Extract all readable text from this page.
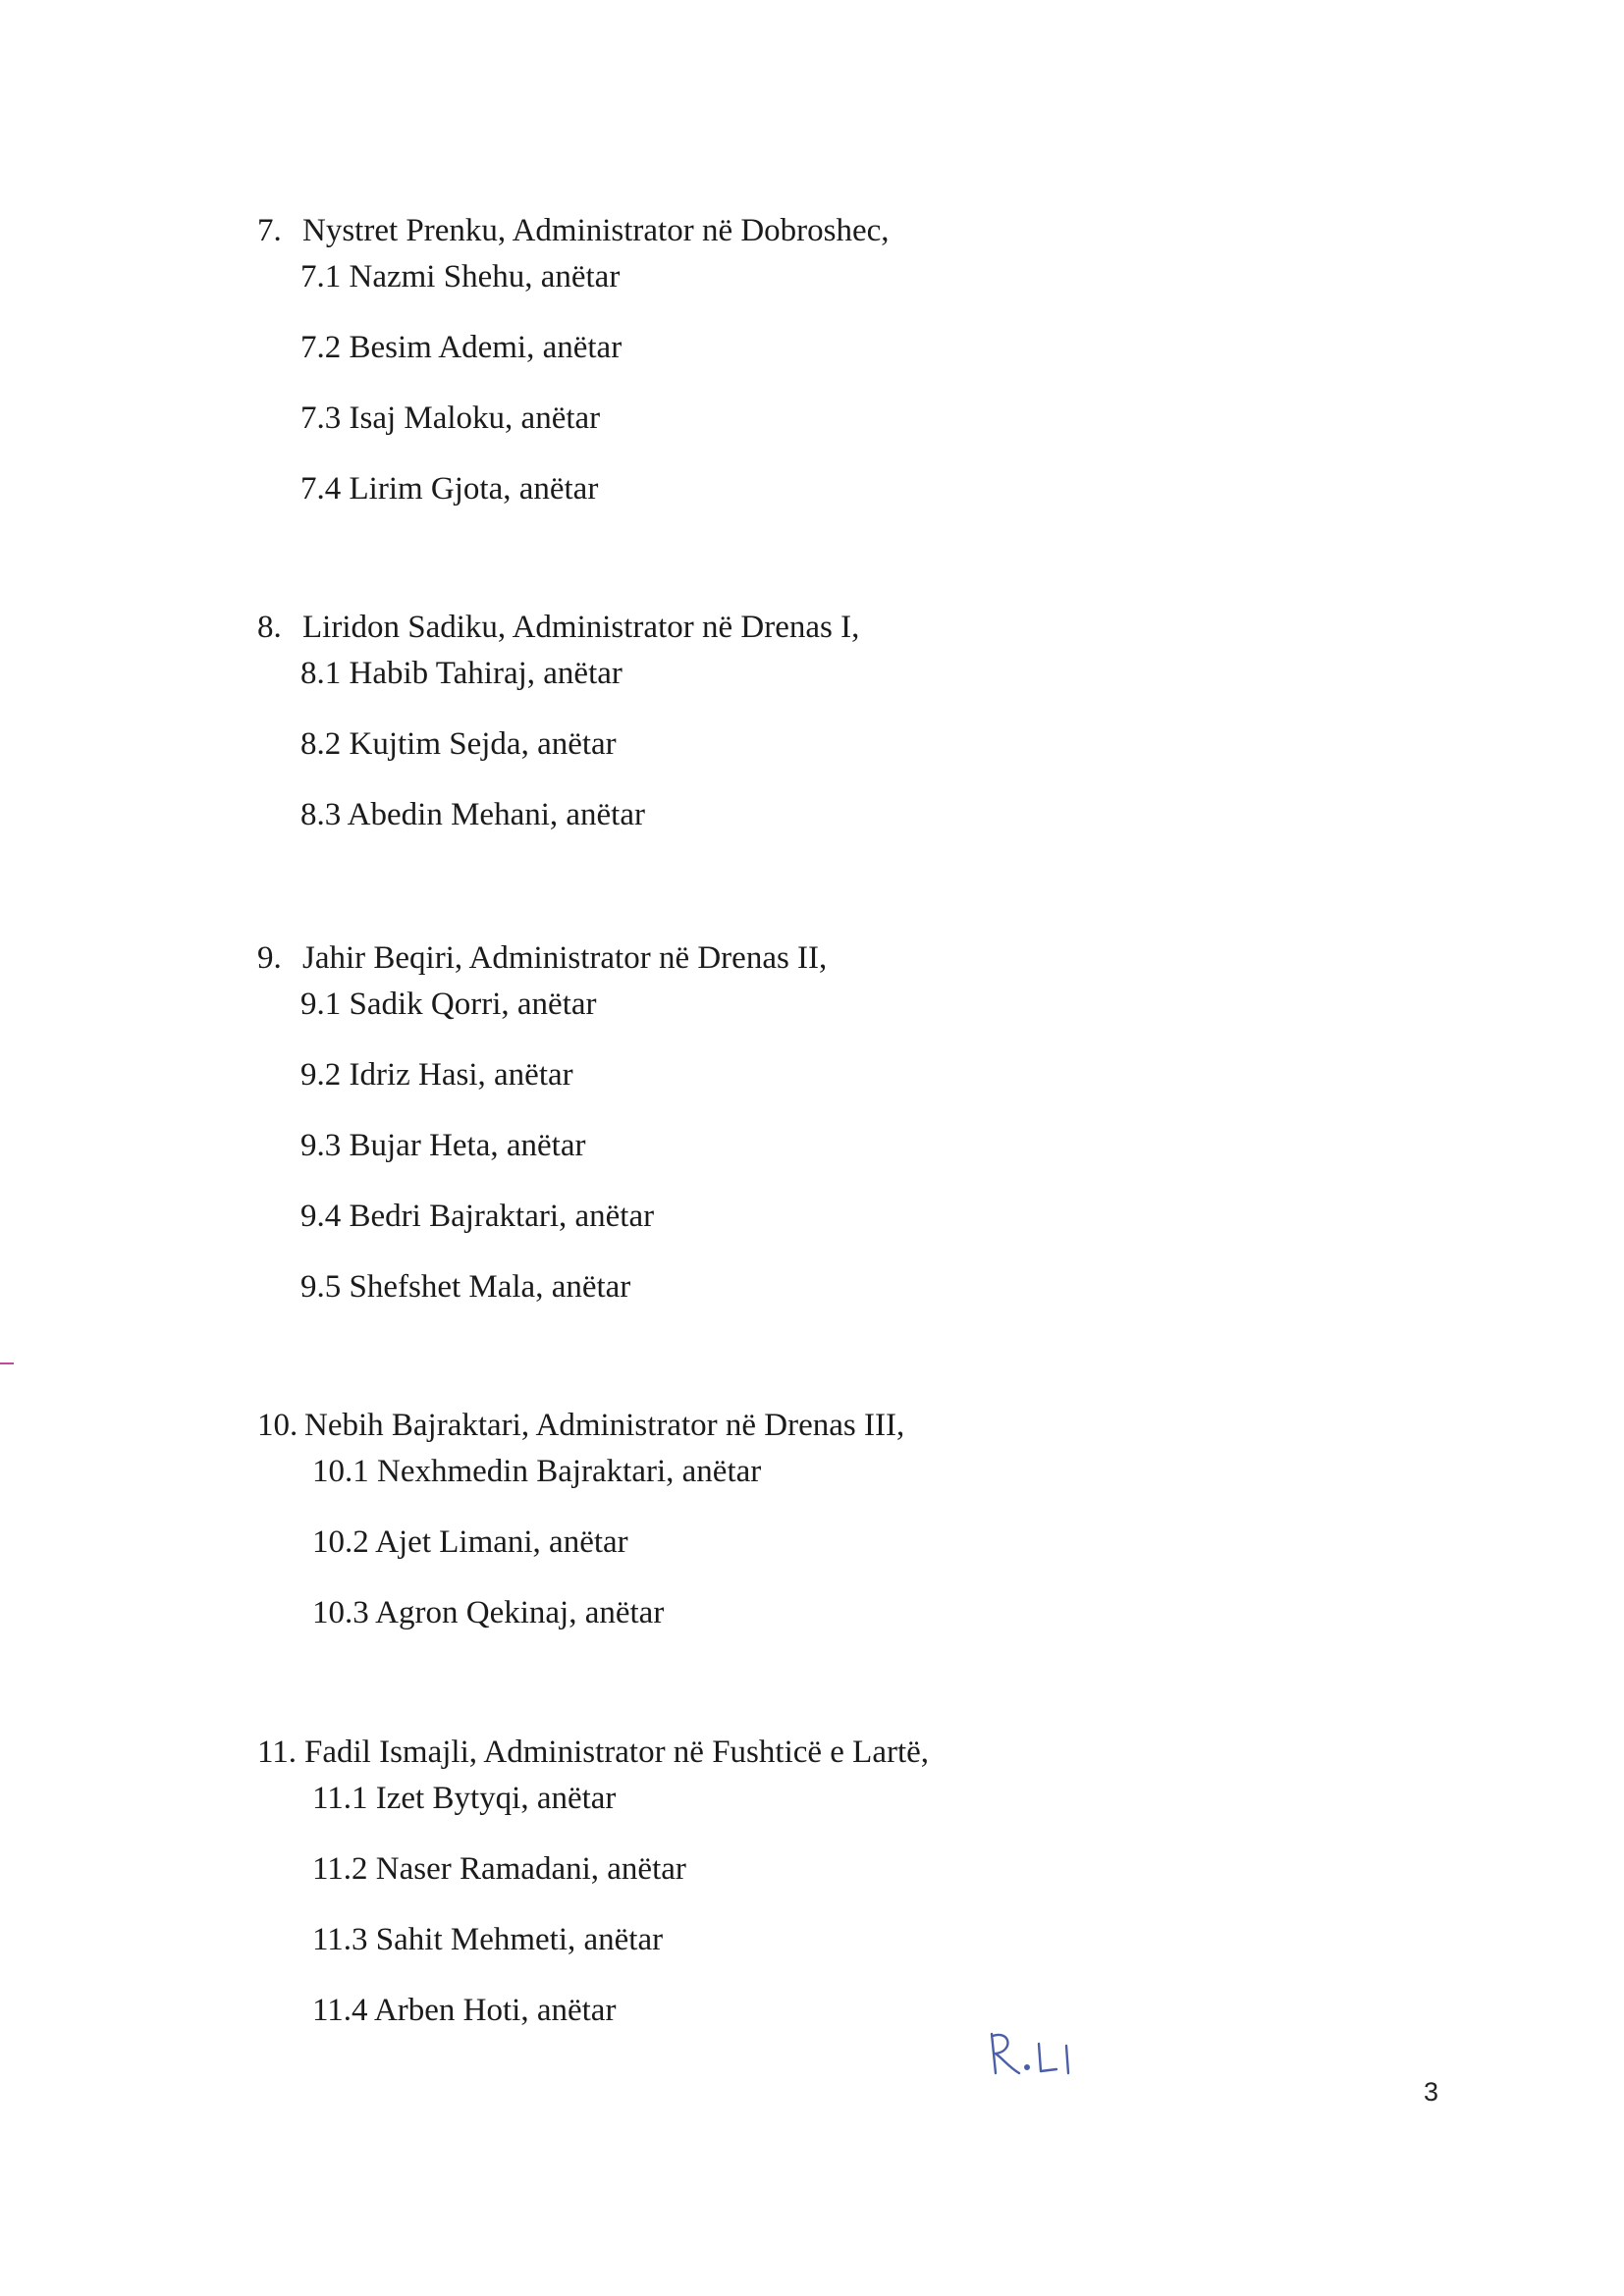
7. Nystret Prenku, Administrator në Dobroshec,
7.1 Nazmi Shehu, anëtar
7.2 Besim Ademi, anëtar
7.3 Isaj Maloku, anëtar
7.4 Lirim Gjota, anëtar
8. Liridon Sadiku, Administrator në Drenas I,
8.1 Habib Tahiraj, anëtar
8.2 Kujtim Sejda, anëtar
8.3 Abedin Mehani, anëtar
9. Jahir Beqiri, Administrator në Drenas II,
9.1 Sadik Qorri, anëtar
9.2 Idriz Hasi, anëtar
9.3 Bujar Heta, anëtar
9.4 Bedri Bajraktari, anëtar
9.5 Shefshet Mala, anëtar
10. Nebih Bajraktari, Administrator në Drenas III,
10.1 Nexhmedin Bajraktari, anëtar
10.2 Ajet Limani, anëtar
10.3 Agron Qekinaj, anëtar
11. Fadil Ismajli, Administrator në Fushticë e Lartë,
11.1 Izet Bytyqi, anëtar
11.2 Naser Ramadani, anëtar
11.3 Sahit Mehmeti, anëtar
11.4 Arben Hoti, anëtar
3
